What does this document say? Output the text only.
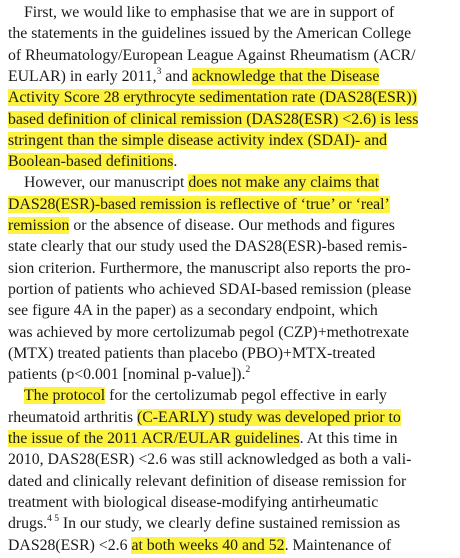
First, we would like to emphasise that we are in support of
the statements in the guidelines issued by the American College
of Rheumatology/European League Against Rheumatism (ACR/
EULAR) in early 2011,$^3$ and acknowledge that the Disease
Activity Score 28 erythrocyte sedimentation rate (DAS28(ESR))
based definition of clinical remission (DAS28(ESR) <2.6) is less
stringent than the simple disease activity index (SDAI)- and
Boolean-based definitions.
However, our manuscript does not make any claims that
DAS28(ESR)-based remission is reflective of ‘true’ or ‘real’
remission or the absence of disease. Our methods and figures
state clearly that our study used the DAS28(ESR)-based remis-
sion criterion. Furthermore, the manuscript also reports the pro-
portion of patients who achieved SDAI-based remission (please
see figure 4A in the paper) as a secondary endpoint, which
was achieved by more certolizumab pegol (CZP)+methotrexate
(MTX) treated patients than placebo (PBO)+MTX-treated
patients (p<0.001 [nominal p-value]).$^2$
The protocol for the certolizumab pegol effective in early
rheumatoid arthritis (C-EARLY) study was developed prior to
the issue of the 2011 ACR/EULAR guidelines. At this time in
2010, DAS28(ESR) <2.6 was still acknowledged as both a vali-
dated and clinically relevant definition of disease remission for
treatment with biological disease-modifying antirheumatic
drugs.$^{4 5}$ In our study, we clearly define sustained remission as
DAS28(ESR) <2.6 at both weeks 40 and 52. Maintenance of
